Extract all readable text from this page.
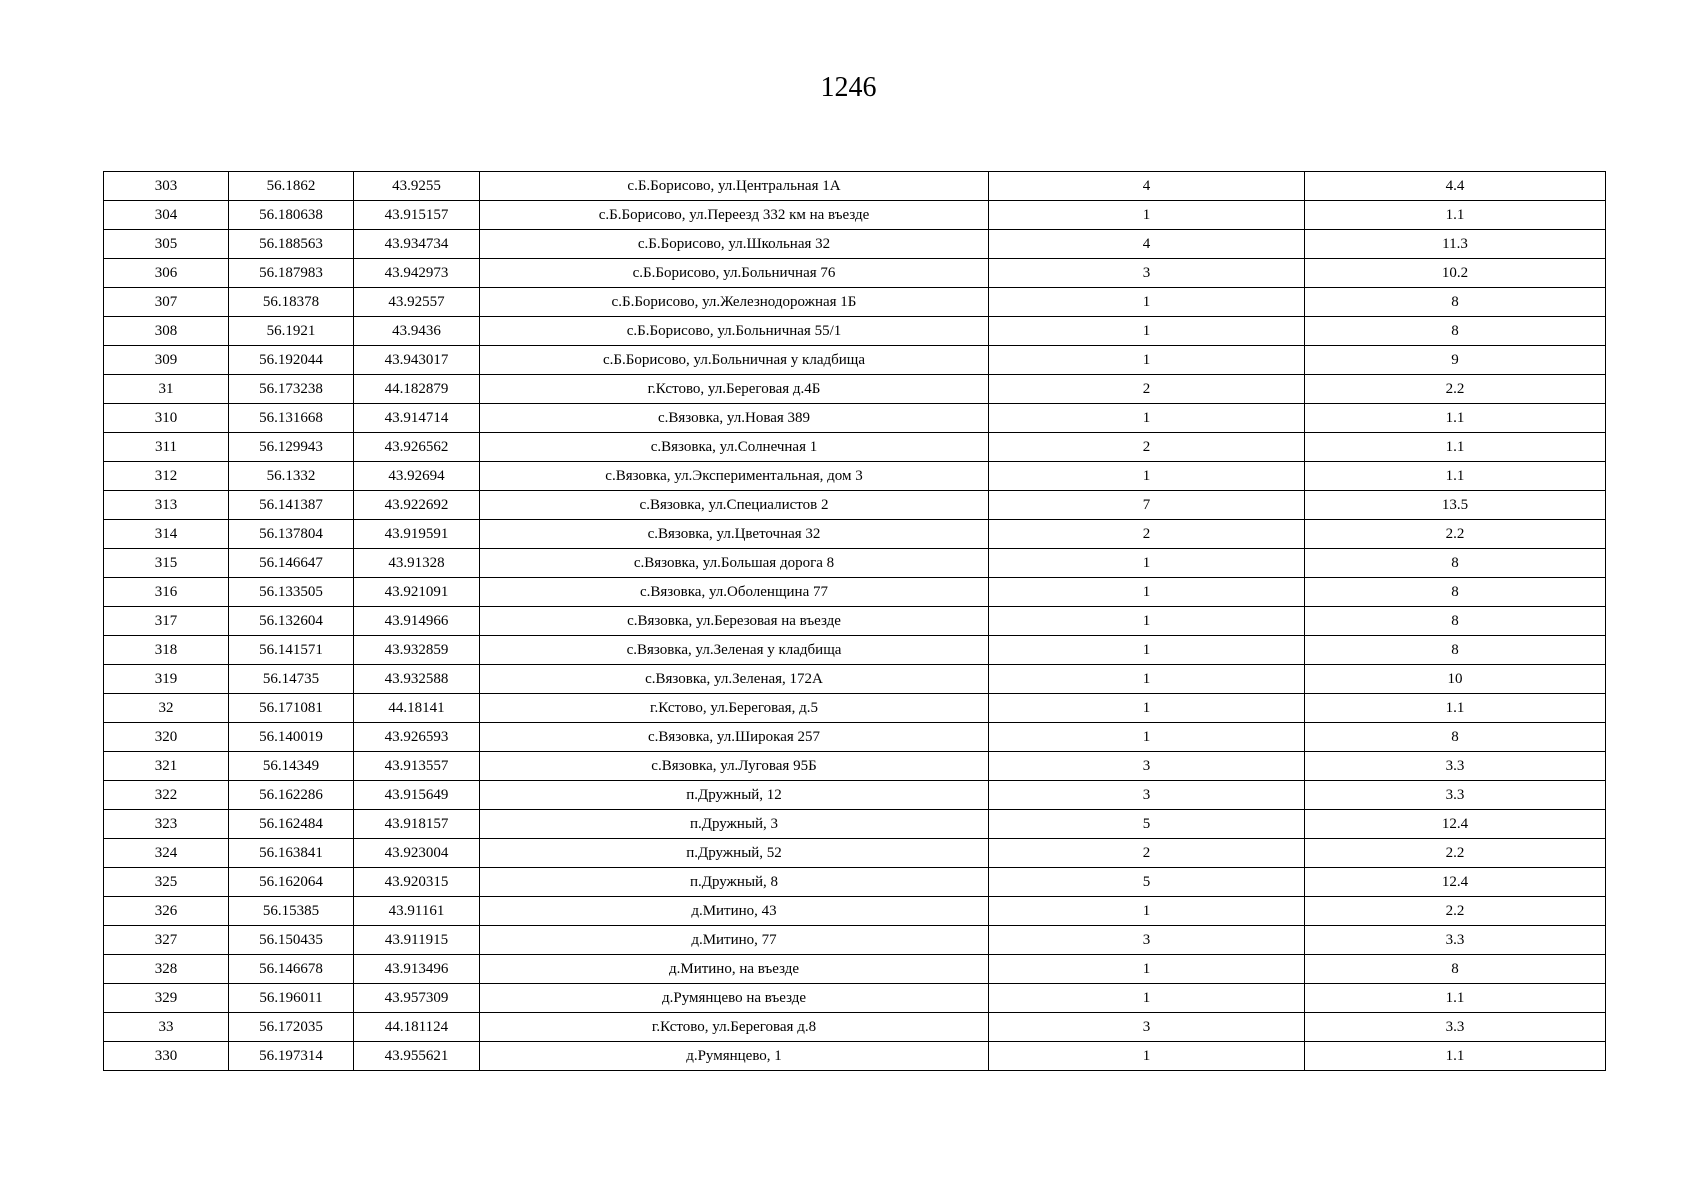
1246
303	56.1862	43.9255	с.Б.Борисово, ул.Центральная 1А	4	4.4
304	56.180638	43.915157	с.Б.Борисово, ул.Переезд 332 км на въезде	1	1.1
305	56.188563	43.934734	с.Б.Борисово, ул.Школьная 32	4	11.3
306	56.187983	43.942973	с.Б.Борисово, ул.Больничная 76	3	10.2
307	56.18378	43.92557	с.Б.Борисово, ул.Железнодорожная 1Б	1	8
308	56.1921	43.9436	с.Б.Борисово, ул.Больничная 55/1	1	8
309	56.192044	43.943017	с.Б.Борисово, ул.Больничная у кладбища	1	9
31	56.173238	44.182879	г.Кстово, ул.Береговая д.4Б	2	2.2
310	56.131668	43.914714	с.Вязовка, ул.Новая 389	1	1.1
311	56.129943	43.926562	с.Вязовка, ул.Солнечная 1	2	1.1
312	56.1332	43.92694	с.Вязовка, ул.Экспериментальная, дом 3	1	1.1
313	56.141387	43.922692	с.Вязовка, ул.Специалистов 2	7	13.5
314	56.137804	43.919591	с.Вязовка, ул.Цветочная 32	2	2.2
315	56.146647	43.91328	с.Вязовка, ул.Большая дорога 8	1	8
316	56.133505	43.921091	с.Вязовка, ул.Оболенщина 77	1	8
317	56.132604	43.914966	с.Вязовка, ул.Березовая на въезде	1	8
318	56.141571	43.932859	с.Вязовка, ул.Зеленая у кладбища	1	8
319	56.14735	43.932588	с.Вязовка, ул.Зеленая, 172А	1	10
32	56.171081	44.18141	г.Кстово, ул.Береговая, д.5	1	1.1
320	56.140019	43.926593	с.Вязовка, ул.Широкая 257	1	8
321	56.14349	43.913557	с.Вязовка, ул.Луговая 95Б	3	3.3
322	56.162286	43.915649	п.Дружный, 12	3	3.3
323	56.162484	43.918157	п.Дружный, 3	5	12.4
324	56.163841	43.923004	п.Дружный, 52	2	2.2
325	56.162064	43.920315	п.Дружный, 8	5	12.4
326	56.15385	43.91161	д.Митино, 43	1	2.2
327	56.150435	43.911915	д.Митино, 77	3	3.3
328	56.146678	43.913496	д.Митино, на въезде	1	8
329	56.196011	43.957309	д.Румянцево на въезде	1	1.1
33	56.172035	44.181124	г.Кстово, ул.Береговая д.8	3	3.3
330	56.197314	43.955621	д.Румянцево, 1	1	1.1
